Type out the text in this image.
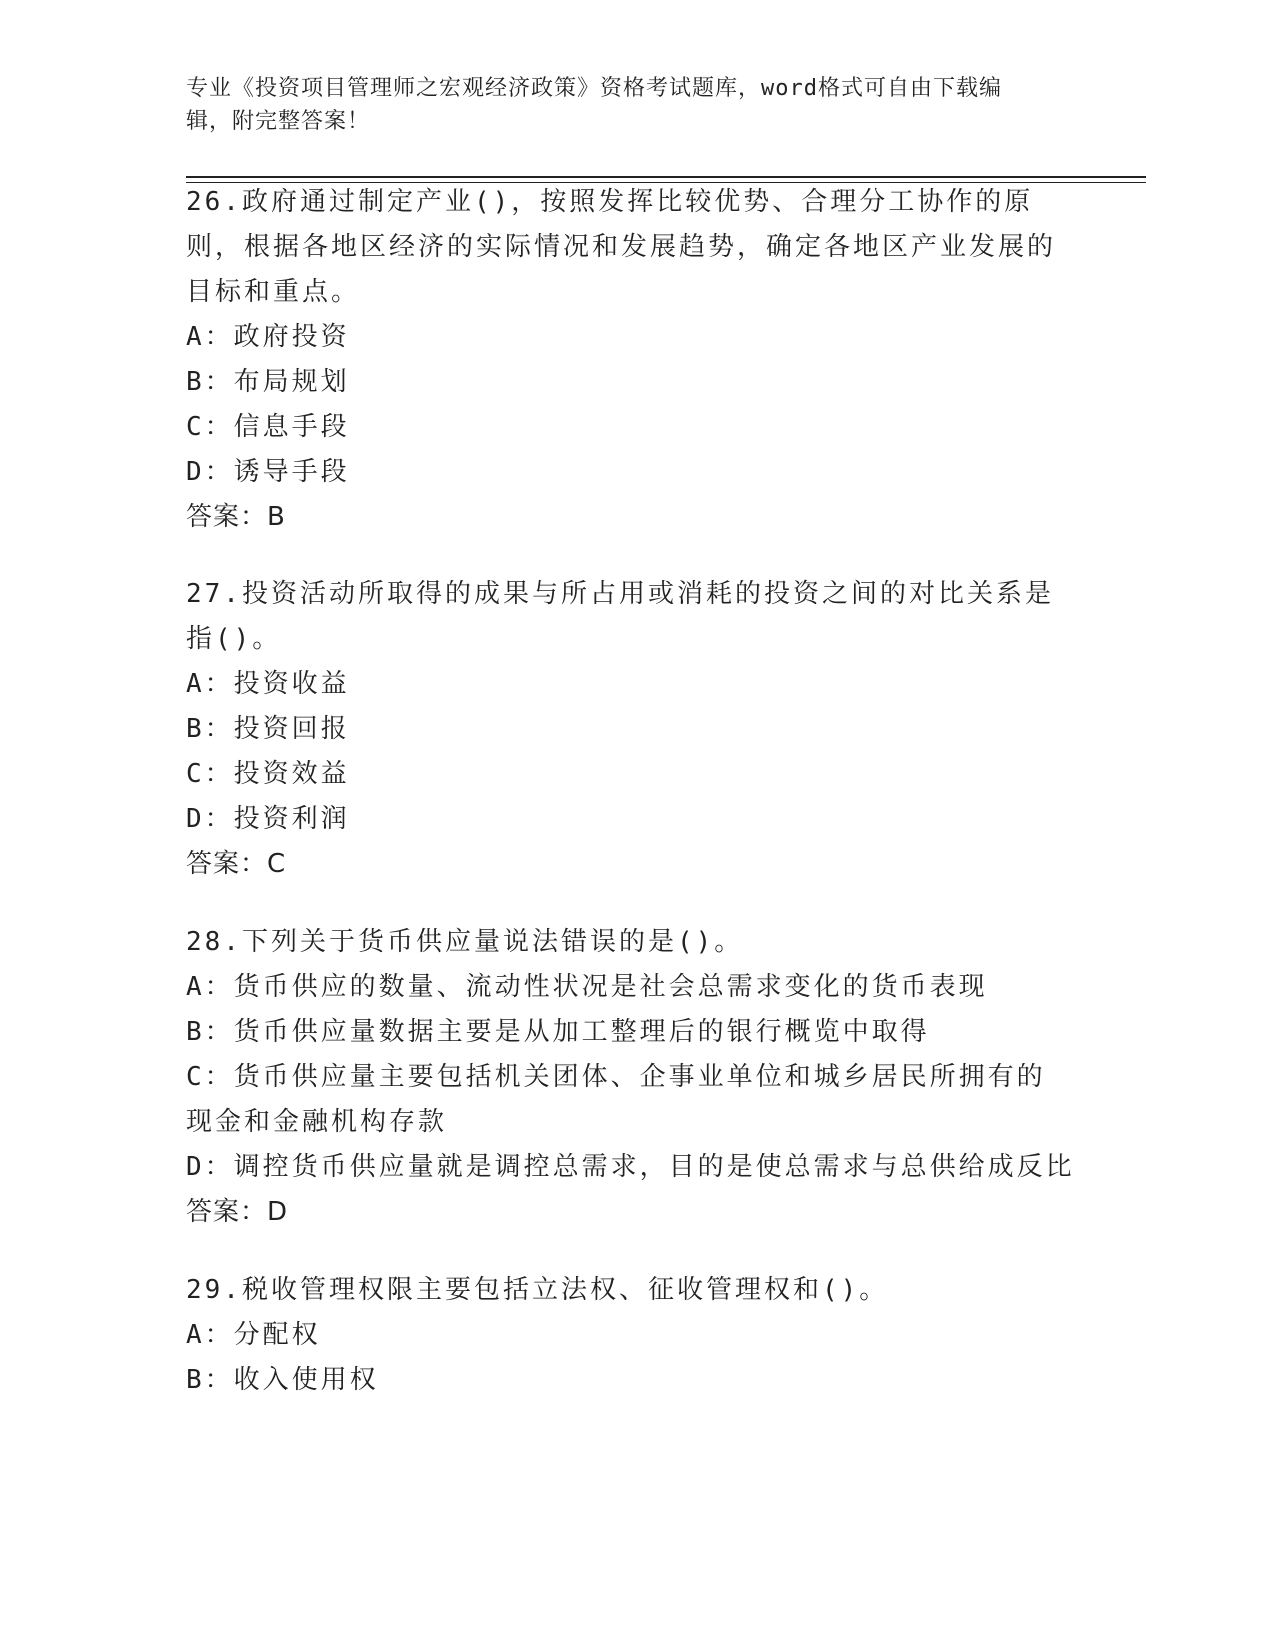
专业《投资项目管理师之宏观经济政策》资格考试题库，word格式可自由下载编
辑，附完整答案！
26.政府通过制定产业()，按照发挥比较优势、合理分工协作的原则，根据各地区经济的实际情况和发展趋势，确定各地区产业发展的目标和重点。
A：政府投资
B：布局规划
C：信息手段
D：诱导手段
答案：B
27.投资活动所取得的成果与所占用或消耗的投资之间的对比关系是指()。
A：投资收益
B：投资回报
C：投资效益
D：投资利润
答案：C
28.下列关于货币供应量说法错误的是()。
A：货币供应的数量、流动性状况是社会总需求变化的货币表现
B：货币供应量数据主要是从加工整理后的银行概览中取得
C：货币供应量主要包括机关团体、企事业单位和城乡居民所拥有的现金和金融机构存款
D：调控货币供应量就是调控总需求，目的是使总需求与总供给成反比
答案：D
29.税收管理权限主要包括立法权、征收管理权和()。
A：分配权
B：收入使用权
